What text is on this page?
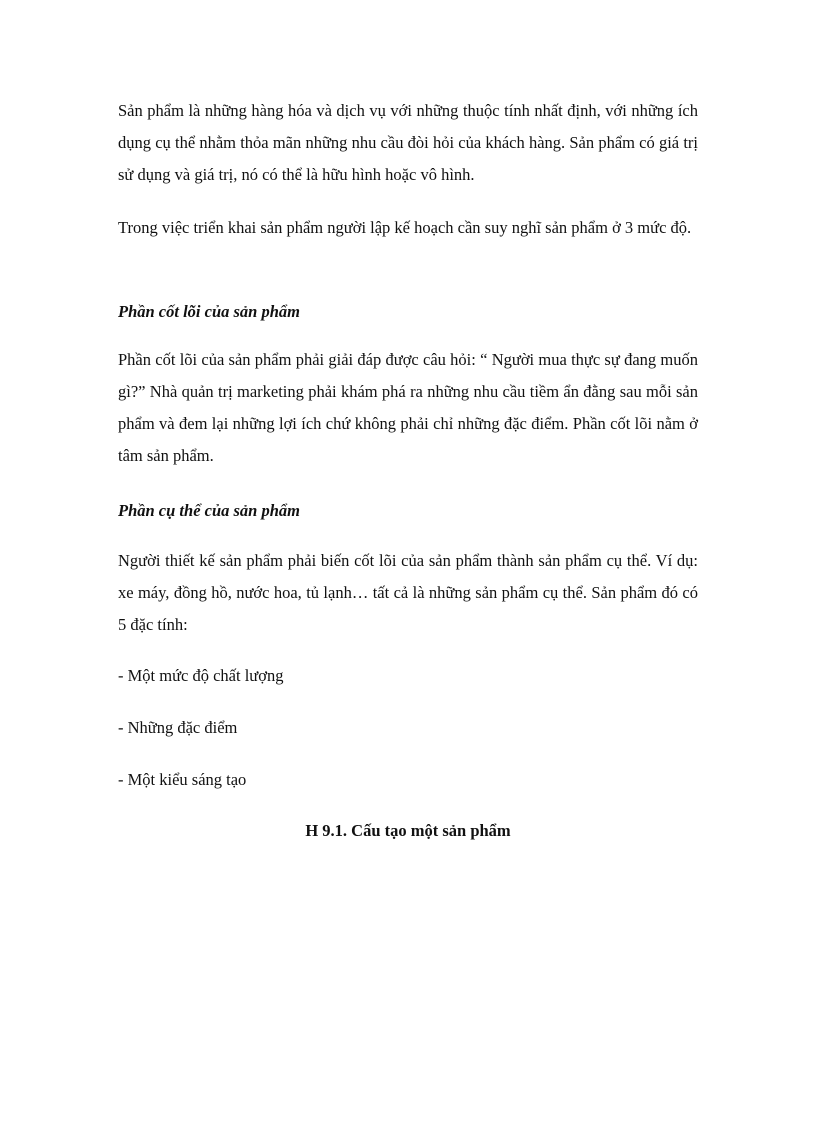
Sản phẩm là những hàng hóa và dịch vụ với những thuộc tính nhất định, với những ích dụng cụ thể nhằm thỏa mãn những nhu cầu đòi hỏi của khách hàng. Sản phẩm có giá trị sử dụng và giá trị, nó có thể là hữu hình hoặc vô hình.

Trong việc triển khai sản phẩm người lập kế hoạch cần suy nghĩ sản phẩm ở 3 mức độ.

Phần cốt lõi của sản phẩm

Phần cốt lõi của sản phẩm phải giải đáp được câu hỏi: “ Người mua thực sự đang muốn gì?” Nhà quản trị marketing phải khám phá ra những nhu cầu tiềm ẩn đằng sau mỗi sản phẩm và đem lại những lợi ích chứ không phải chỉ những đặc điểm. Phần cốt lõi nằm ở tâm sản phẩm.

Phần cụ thể của sản phẩm

Người thiết kế sản phẩm phải biến cốt lõi của sản phẩm thành sản phẩm cụ thể. Ví dụ: xe máy, đồng hồ, nước hoa, tủ lạnh… tất cả là những sản phẩm cụ thể. Sản phẩm đó có 5 đặc tính:

- Một mức độ chất lượng

- Những đặc điểm

- Một kiểu sáng tạo

H 9.1. Cấu tạo một sản phẩm
